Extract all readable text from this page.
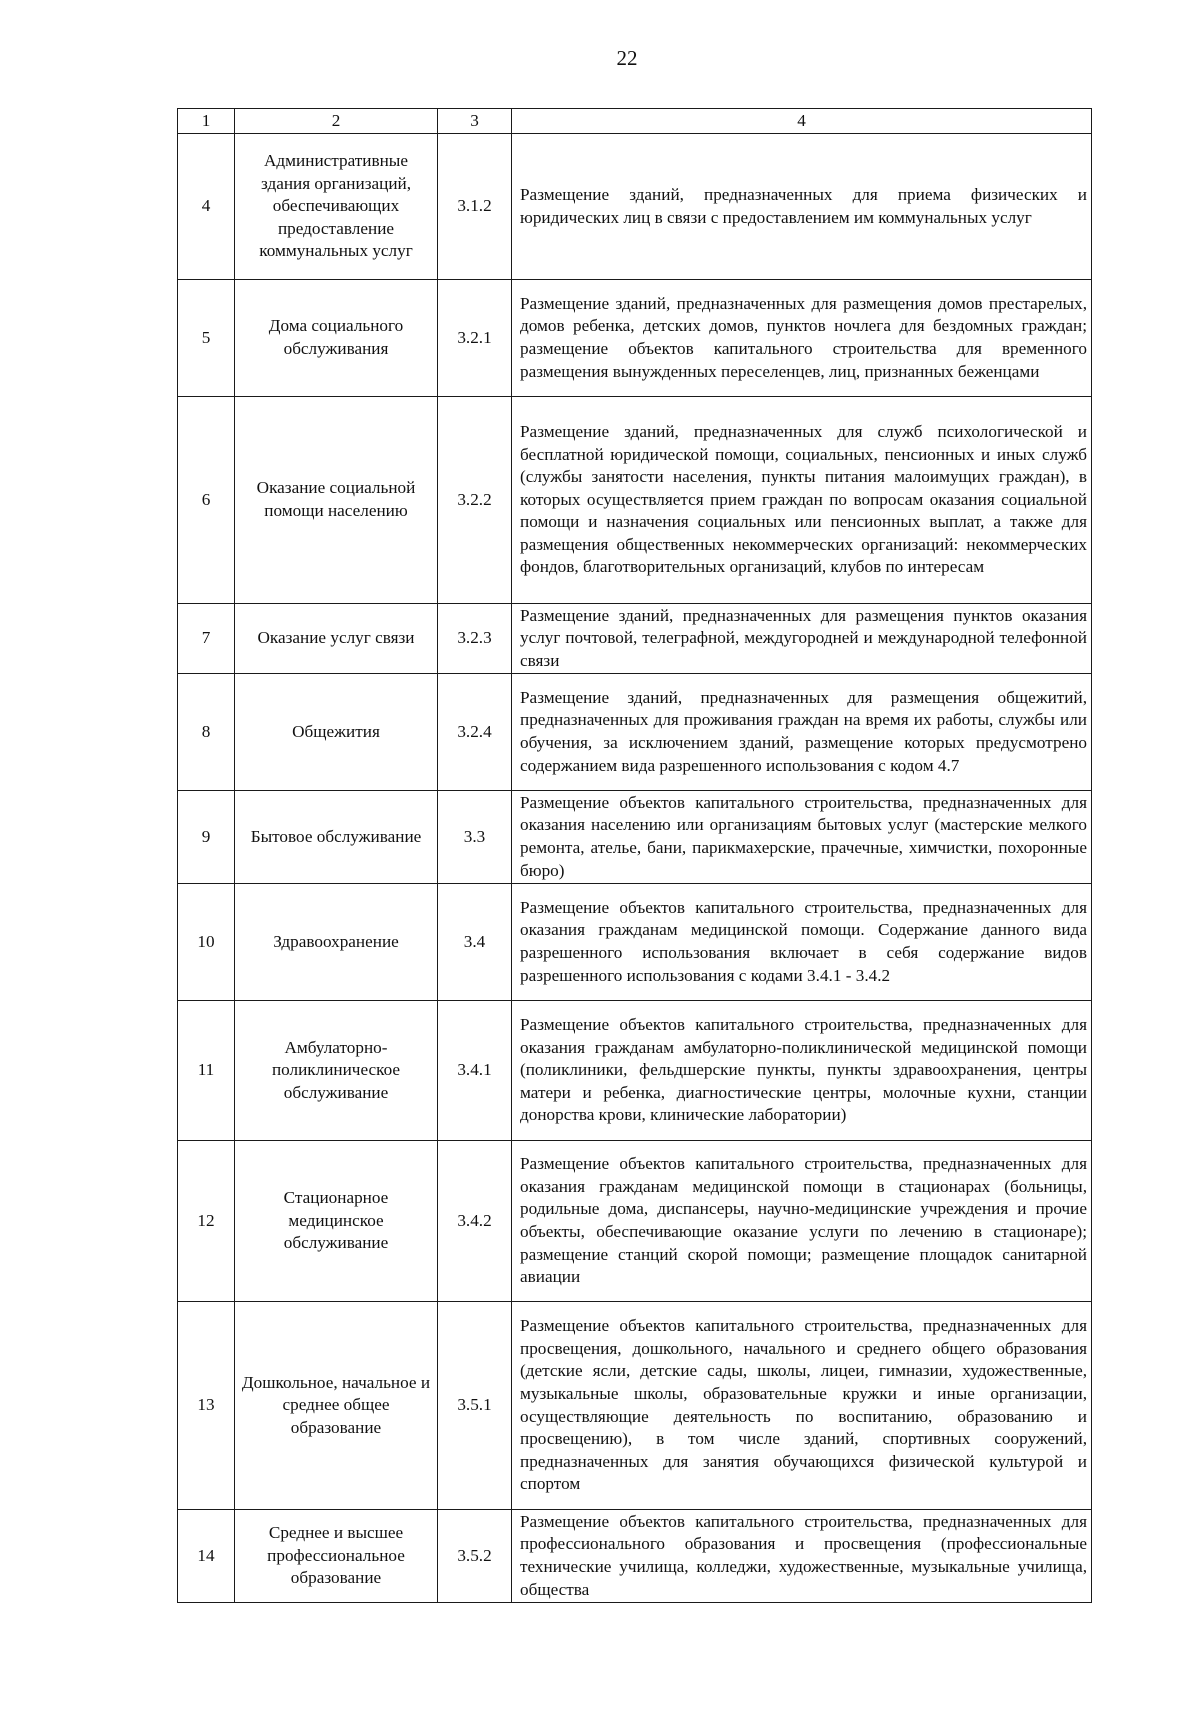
22
1	2	3	4
4	Административные здания организаций, обеспечивающих предоставление коммунальных услуг	3.1.2	Размещение зданий, предназначенных для приема физических и юридических лиц в связи с предоставлением им коммунальных услуг
5	Дома социального обслуживания	3.2.1	Размещение зданий, предназначенных для размещения домов престарелых, домов ребенка, детских домов, пунктов ночлега для бездомных граждан; размещение объектов капитального строительства для временного размещения вынужденных переселенцев, лиц, признанных беженцами
6	Оказание социальной помощи населению	3.2.2	Размещение зданий, предназначенных для служб психологической и бесплатной юридической помощи, социальных, пенсионных и иных служб (службы занятости населения, пункты питания малоимущих граждан), в которых осуществляется прием граждан по вопросам оказания социальной помощи и назначения социальных или пенсионных выплат, а также для размещения общественных некоммерческих организаций: некоммерческих фондов, благотворительных организаций, клубов по интересам
7	Оказание услуг связи	3.2.3	Размещение зданий, предназначенных для размещения пунктов оказания услуг почтовой, телеграфной, междугородней и международной телефонной связи
8	Общежития	3.2.4	Размещение зданий, предназначенных для размещения общежитий, предназначенных для проживания граждан на время их работы, службы или обучения, за исключением зданий, размещение которых предусмотрено содержанием вида разрешенного использования с кодом 4.7
9	Бытовое обслуживание	3.3	Размещение объектов капитального строительства, предназначенных для оказания населению или организациям бытовых услуг (мастерские мелкого ремонта, ателье, бани, парикмахерские, прачечные, химчистки, похоронные бюро)
10	Здравоохранение	3.4	Размещение объектов капитального строительства, предназначенных для оказания гражданам медицинской помощи. Содержание данного вида разрешенного использования включает в себя содержание видов разрешенного использования с кодами 3.4.1 - 3.4.2
11	Амбулаторно-поликлиническое обслуживание	3.4.1	Размещение объектов капитального строительства, предназначенных для оказания гражданам амбулаторно-поликлинической медицинской помощи (поликлиники, фельдшерские пункты, пункты здравоохранения, центры матери и ребенка, диагностические центры, молочные кухни, станции донорства крови, клинические лаборатории)
12	Стационарное медицинское обслуживание	3.4.2	Размещение объектов капитального строительства, предназначенных для оказания гражданам медицинской помощи в стационарах (больницы, родильные дома, диспансеры, научно-медицинские учреждения и прочие объекты, обеспечивающие оказание услуги по лечению в стационаре); размещение станций скорой помощи; размещение площадок санитарной авиации
13	Дошкольное, начальное и среднее общее образование	3.5.1	Размещение объектов капитального строительства, предназначенных для просвещения, дошкольного, начального и среднего общего образования (детские ясли, детские сады, школы, лицеи, гимназии, художественные, музыкальные школы, образовательные кружки и иные организации, осуществляющие деятельность по воспитанию, образованию и просвещению), в том числе зданий, спортивных сооружений, предназначенных для занятия обучающихся физической культурой и спортом
14	Среднее и высшее профессиональное образование	3.5.2	Размещение объектов капитального строительства, предназначенных для профессионального образования и просвещения (профессиональные технические училища, колледжи, художественные, музыкальные училища, общества
